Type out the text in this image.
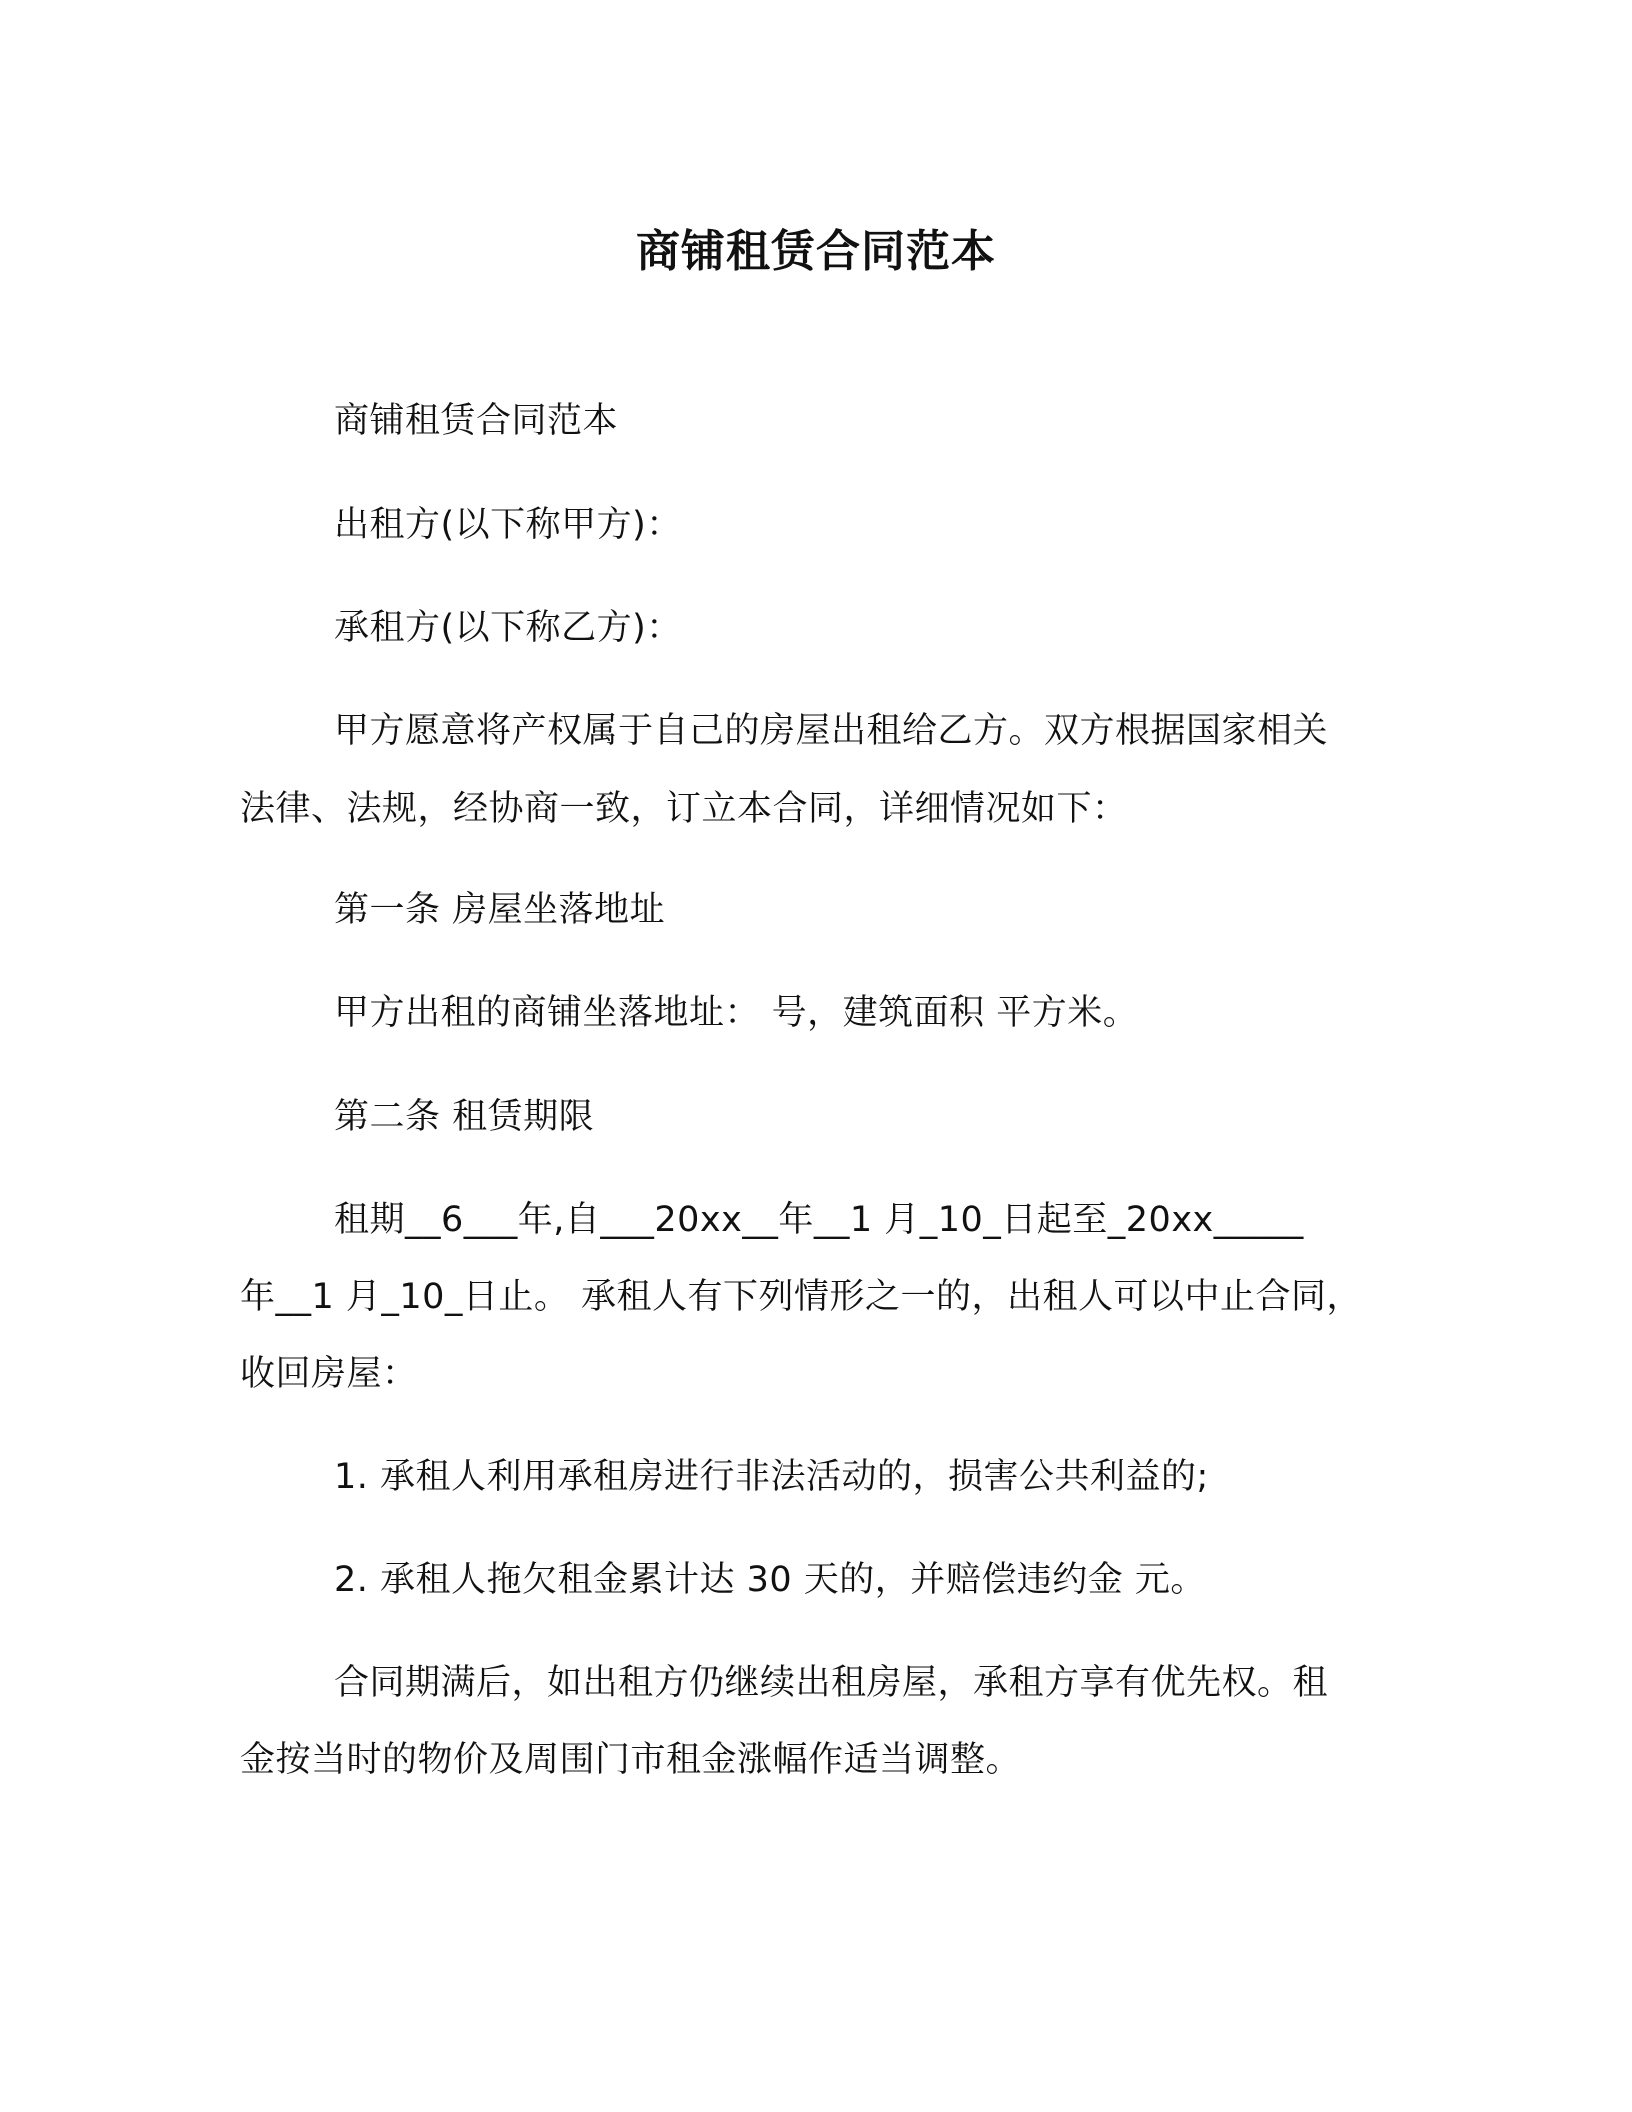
商铺租赁合同范本
商铺租赁合同范本
出租方(以下称甲方)：
承租方(以下称乙方)：
甲方愿意将产权属于自己的房屋出租给乙方。双方根据国家相关
法律、法规，经协商一致，订立本合同，详细情况如下：
第一条 房屋坐落地址
甲方出租的商铺坐落地址： 号，建筑面积 平方米。
第二条 租赁期限
租期__6___年,自___20xx__年__1 月_10_日起至_20xx_____
年__1 月_10_日止。 承租人有下列情形之一的，出租人可以中止合同，
收回房屋：
1. 承租人利用承租房进行非法活动的，损害公共利益的;
2. 承租人拖欠租金累计达 30 天的，并赔偿违约金 元。
合同期满后，如出租方仍继续出租房屋，承租方享有优先权。租
金按当时的物价及周围门市租金涨幅作适当调整。
